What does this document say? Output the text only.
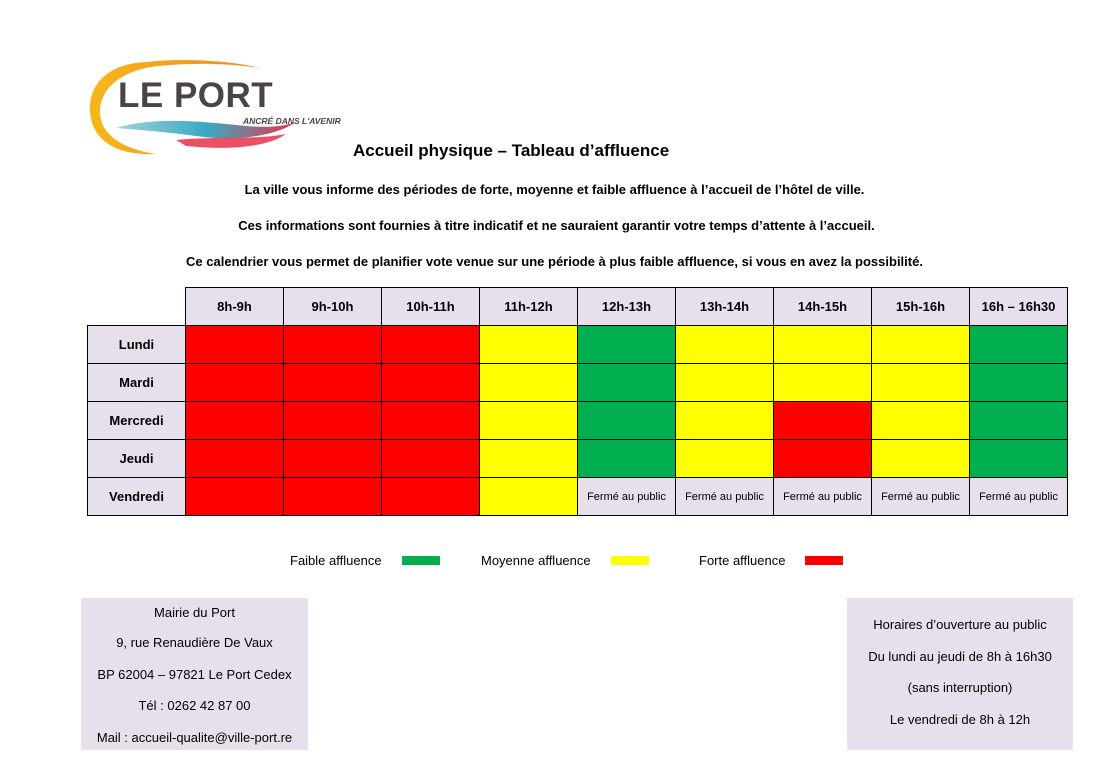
LE PORT
ANCRÉ DANS L'AVENIR
Accueil physique – Tableau d’affluence
La ville vous informe des périodes de forte, moyenne et faible affluence à l’accueil de l’hôtel de ville.
Ces informations sont fournies à titre indicatif et ne sauraient garantir votre temps d’attente à l’accueil.
Ce calendrier vous permet de planifier vote venue sur une période à plus faible affluence, si vous en avez la possibilité.
	8h-9h	9h-10h	10h-11h	11h-12h	12h-13h	13h-14h	14h-15h	15h-16h	16h – 16h30
Lundi									
Mardi									
Mercredi									
Jeudi									
Vendredi					Fermé au public	Fermé au public	Fermé au public	Fermé au public	Fermé au public
Faible affluence	Moyenne affluence	Forte affluence
Mairie du Port
9, rue Renaudière De Vaux
BP 62004 – 97821 Le Port Cedex
Tél : 0262 42 87 00
Mail : accueil-qualite@ville-port.re
Horaires d’ouverture au public
Du lundi au jeudi de 8h à 16h30
(sans interruption)
Le vendredi de 8h à 12h
